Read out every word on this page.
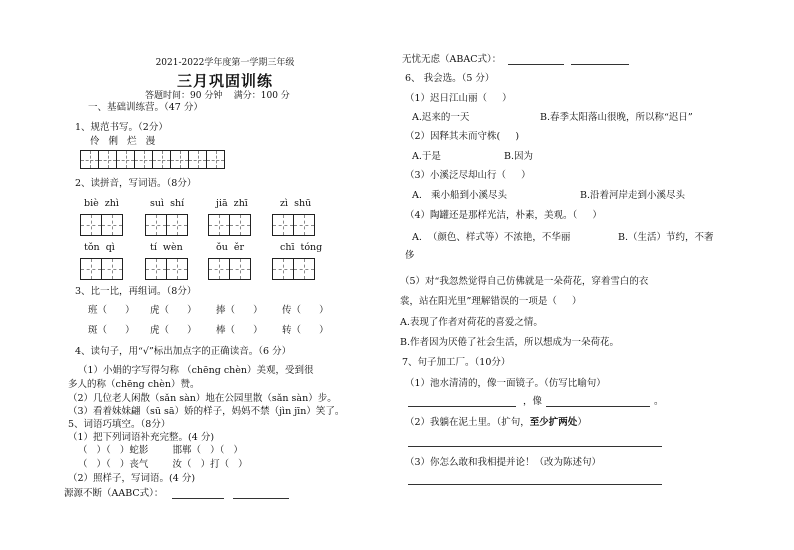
2021-2022学年度第一学期三年级
三月巩固训练
答题时间：90 分钟    满分：100 分
一、基础训练营。（47 分）
1、规范书写。（2分）
伶  俐  烂  漫
2、读拼音，写词语。（8分）
biè  zhì	suì  shí	jiā  zhī	zì  shū
tǒn  qì	tí  wèn	ǒu  ěr	chī  tóng
3、比一比，再组词。（8分）
班（      ） 虎（      ） 捧（      ） 传（      ）
斑（      ） 虎（      ） 棒（      ） 转（      ）
4、读句子，用“√”标出加点字的正确读音。（6 分）
（1）小娟的字写得匀称 （chēng chèn）美观，受到很
多人的称（chēng chèn）赞。
（2）几位老人闲散（sǎn sàn）地在公园里散（sǎn sàn）步。
（3）看着妹妹翩（sū sā）娇的样子，妈妈不禁（jìn jīn）笑了。
5、词语巧填空。（8分）
（1）把下列词语补充完整。(4 分)
（   ）（   ）蛇影        邯郸（   ）（   ）
（   ）（   ）丧气        汝（   ）打（   ）
（2）照样子，写词语。(4 分)
源源不断（AABC式）：
无忧无虑（ABAC式）：
6、 我会选。（5 分）
（1）迟日江山丽（     ）
A.迟来的一天	B.春季太阳落山很晚，所以称“迟日”
（2）因释其未而守株(     )
A.于是	B.因为
（3）小溪泛尽却山行（     ）
A.   乘小船到小溪尽头	B.沿着河岸走到小溪尽头
（4）陶罐还是那样光洁，朴素，美观。（     ）
A.  （颜色、样式等）不浓艳，不华丽	B.（生活）节约，不奢
侈
（5）对“我忽然觉得自己仿佛就是一朵荷花，穿着雪白的衣
裳，站在阳光里”理解错误的一项是（     ）
A.表现了作者对荷花的喜爱之情。
B.作者因为厌倦了社会生活，所以想成为一朵荷花。
7、句子加工厂。（10分）
（1）池水清清的，像一面镜子。（仿写比喻句）
，像	。
（2）我躺在泥土里。（扩句，至少扩两处）
（3）你怎么敢和我相提并论！（改为陈述句）
